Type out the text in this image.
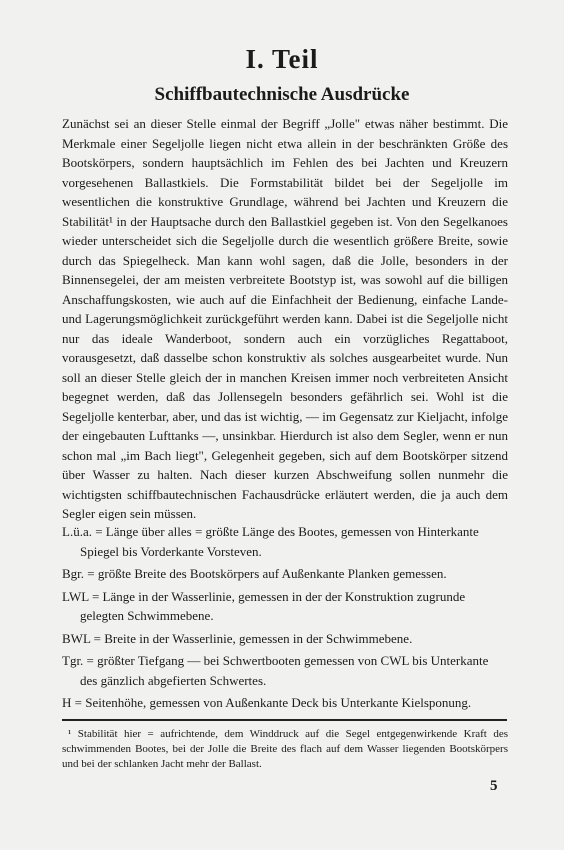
I. Teil
Schiffbautechnische Ausdrücke

Zunächst sei an dieser Stelle einmal der Begriff „Jolle" etwas näher bestimmt. Die Merkmale einer Segeljolle liegen nicht etwa allein in der beschränkten Größe des Bootskörpers, sondern hauptsächlich im Fehlen des bei Jachten und Kreuzern vorgesehenen Ballastkiels. Die Formstabilität bildet bei der Segeljolle im wesentlichen die konstruktive Grundlage, während bei Jachten und Kreuzern die Stabilität¹ in der Hauptsache durch den Ballastkiel gegeben ist. Von den Segelkanoes wieder unterscheidet sich die Segeljolle durch die wesentlich größere Breite, sowie durch das Spiegelheck. Man kann wohl sagen, daß die Jolle, besonders in der Binnensegelei, der am meisten verbreitete Bootstyp ist, was sowohl auf die billigen Anschaffungskosten, wie auch auf die Einfachheit der Bedienung, einfache Lande- und Lagerungsmöglichkeit zurückgeführt werden kann. Dabei ist die Segeljolle nicht nur das ideale Wanderboot, sondern auch ein vorzügliches Regattaboot, vorausgesetzt, daß dasselbe schon konstruktiv als solches ausgearbeitet wurde. Nun soll an dieser Stelle gleich der in manchen Kreisen immer noch verbreiteten Ansicht begegnet werden, daß das Jollensegeln besonders gefährlich sei. Wohl ist die Segeljolle kenterbar, aber, und das ist wichtig, — im Gegensatz zur Kieljacht, infolge der eingebauten Lufttanks —, unsinkbar. Hierdurch ist also dem Segler, wenn er nun schon mal „im Bach liegt", Gelegenheit gegeben, sich auf dem Bootskörper sitzend über Wasser zu halten. Nach dieser kurzen Abschweifung sollen nunmehr die wichtigsten schiffbautechnischen Fachausdrücke erläutert werden, die ja auch dem Segler eigen sein müssen.

L.ü.a. = Länge über alles = größte Länge des Bootes, gemessen von Hinterkante Spiegel bis Vorderkante Vorsteven.
Bgr. = größte Breite des Bootskörpers auf Außenkante Planken gemessen.
LWL = Länge in der Wasserlinie, gemessen in der der Konstruktion zugrunde gelegten Schwimmebene.
BWL = Breite in der Wasserlinie, gemessen in der Schwimmebene.
Tgr. = größter Tiefgang — bei Schwertbooten gemessen von CWL bis Unterkante des gänzlich abgefierten Schwertes.
H = Seitenhöhe, gemessen von Außenkante Deck bis Unterkante Kielsponung.

¹ Stabilität hier = aufrichtende, dem Winddruck auf die Segel entgegenwirkende Kraft des schwimmenden Bootes, bei der Jolle die Breite des flach auf dem Wasser liegenden Bootskörpers und bei der schlanken Jacht mehr der Ballast.

5
